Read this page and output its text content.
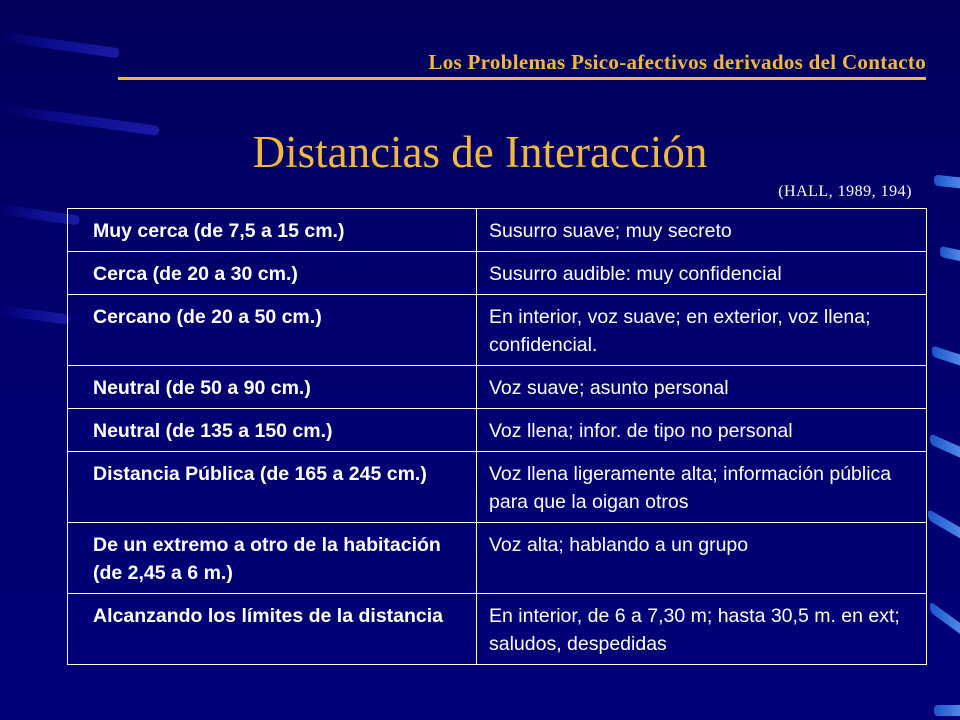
Los Problemas Psico-afectivos derivados del Contacto
Distancias de Interacción
(HALL, 1989, 194)
Muy cerca (de 7,5 a 15 cm.)	Susurro suave; muy secreto
Cerca (de 20 a 30 cm.)	Susurro audible: muy confidencial
Cercano (de 20 a 50 cm.)	En interior, voz suave; en exterior, voz llena; confidencial.
Neutral (de 50 a 90 cm.)	Voz suave; asunto personal
Neutral (de 135 a 150 cm.)	Voz llena; infor. de tipo no personal
Distancia Pública (de 165 a 245 cm.)	Voz llena ligeramente alta; información pública para que la oigan otros
De un extremo a otro de la habitación (de 2,45 a 6 m.)	Voz alta; hablando a un grupo
Alcanzando los límites de la distancia	En interior, de 6 a 7,30 m; hasta 30,5 m. en ext; saludos, despedidas
